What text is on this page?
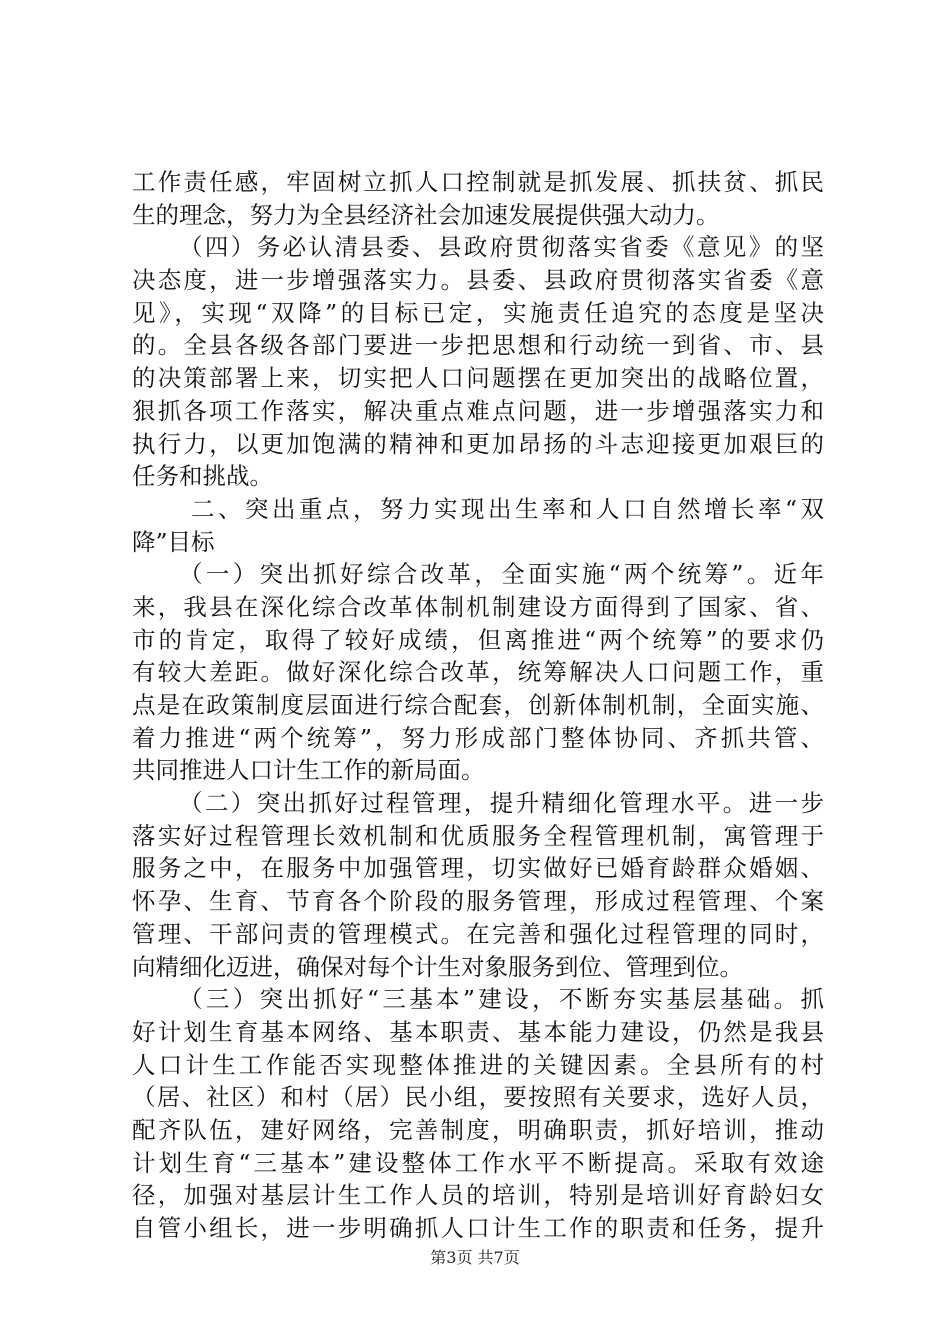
工作责任感，牢固树立抓人口控制就是抓发展、抓扶贫、抓民
生的理念，努力为全县经济社会加速发展提供强大动力。
（四）务必认清县委、县政府贯彻落实省委《意见》的坚
决态度，进一步增强落实力。县委、县政府贯彻落实省委《意
见》，实现“双降”的目标已定，实施责任追究的态度是坚决
的。全县各级各部门要进一步把思想和行动统一到省、市、县
的决策部署上来，切实把人口问题摆在更加突出的战略位置，
狠抓各项工作落实，解决重点难点问题，进一步增强落实力和
执行力，以更加饱满的精神和更加昂扬的斗志迎接更加艰巨的
任务和挑战。
二、突出重点，努力实现出生率和人口自然增长率“双
降”目标
（一）突出抓好综合改革，全面实施“两个统筹”。近年
来，我县在深化综合改革体制机制建设方面得到了国家、省、
市的肯定，取得了较好成绩，但离推进“两个统筹”的要求仍
有较大差距。做好深化综合改革，统筹解决人口问题工作，重
点是在政策制度层面进行综合配套，创新体制机制，全面实施、
着力推进“两个统筹”，努力形成部门整体协同、齐抓共管、
共同推进人口计生工作的新局面。
（二）突出抓好过程管理，提升精细化管理水平。进一步
落实好过程管理长效机制和优质服务全程管理机制，寓管理于
服务之中，在服务中加强管理，切实做好已婚育龄群众婚姻、
怀孕、生育、节育各个阶段的服务管理，形成过程管理、个案
管理、干部问责的管理模式。在完善和强化过程管理的同时，
向精细化迈进，确保对每个计生对象服务到位、管理到位。
（三）突出抓好“三基本”建设，不断夯实基层基础。抓
好计划生育基本网络、基本职责、基本能力建设，仍然是我县
人口计生工作能否实现整体推进的关键因素。全县所有的村
（居、社区）和村（居）民小组，要按照有关要求，选好人员，
配齐队伍，建好网络，完善制度，明确职责，抓好培训，推动
计划生育“三基本”建设整体工作水平不断提高。采取有效途
径，加强对基层计生工作人员的培训，特别是培训好育龄妇女
自管小组长，进一步明确抓人口计生工作的职责和任务，提升
第3页 共7页
